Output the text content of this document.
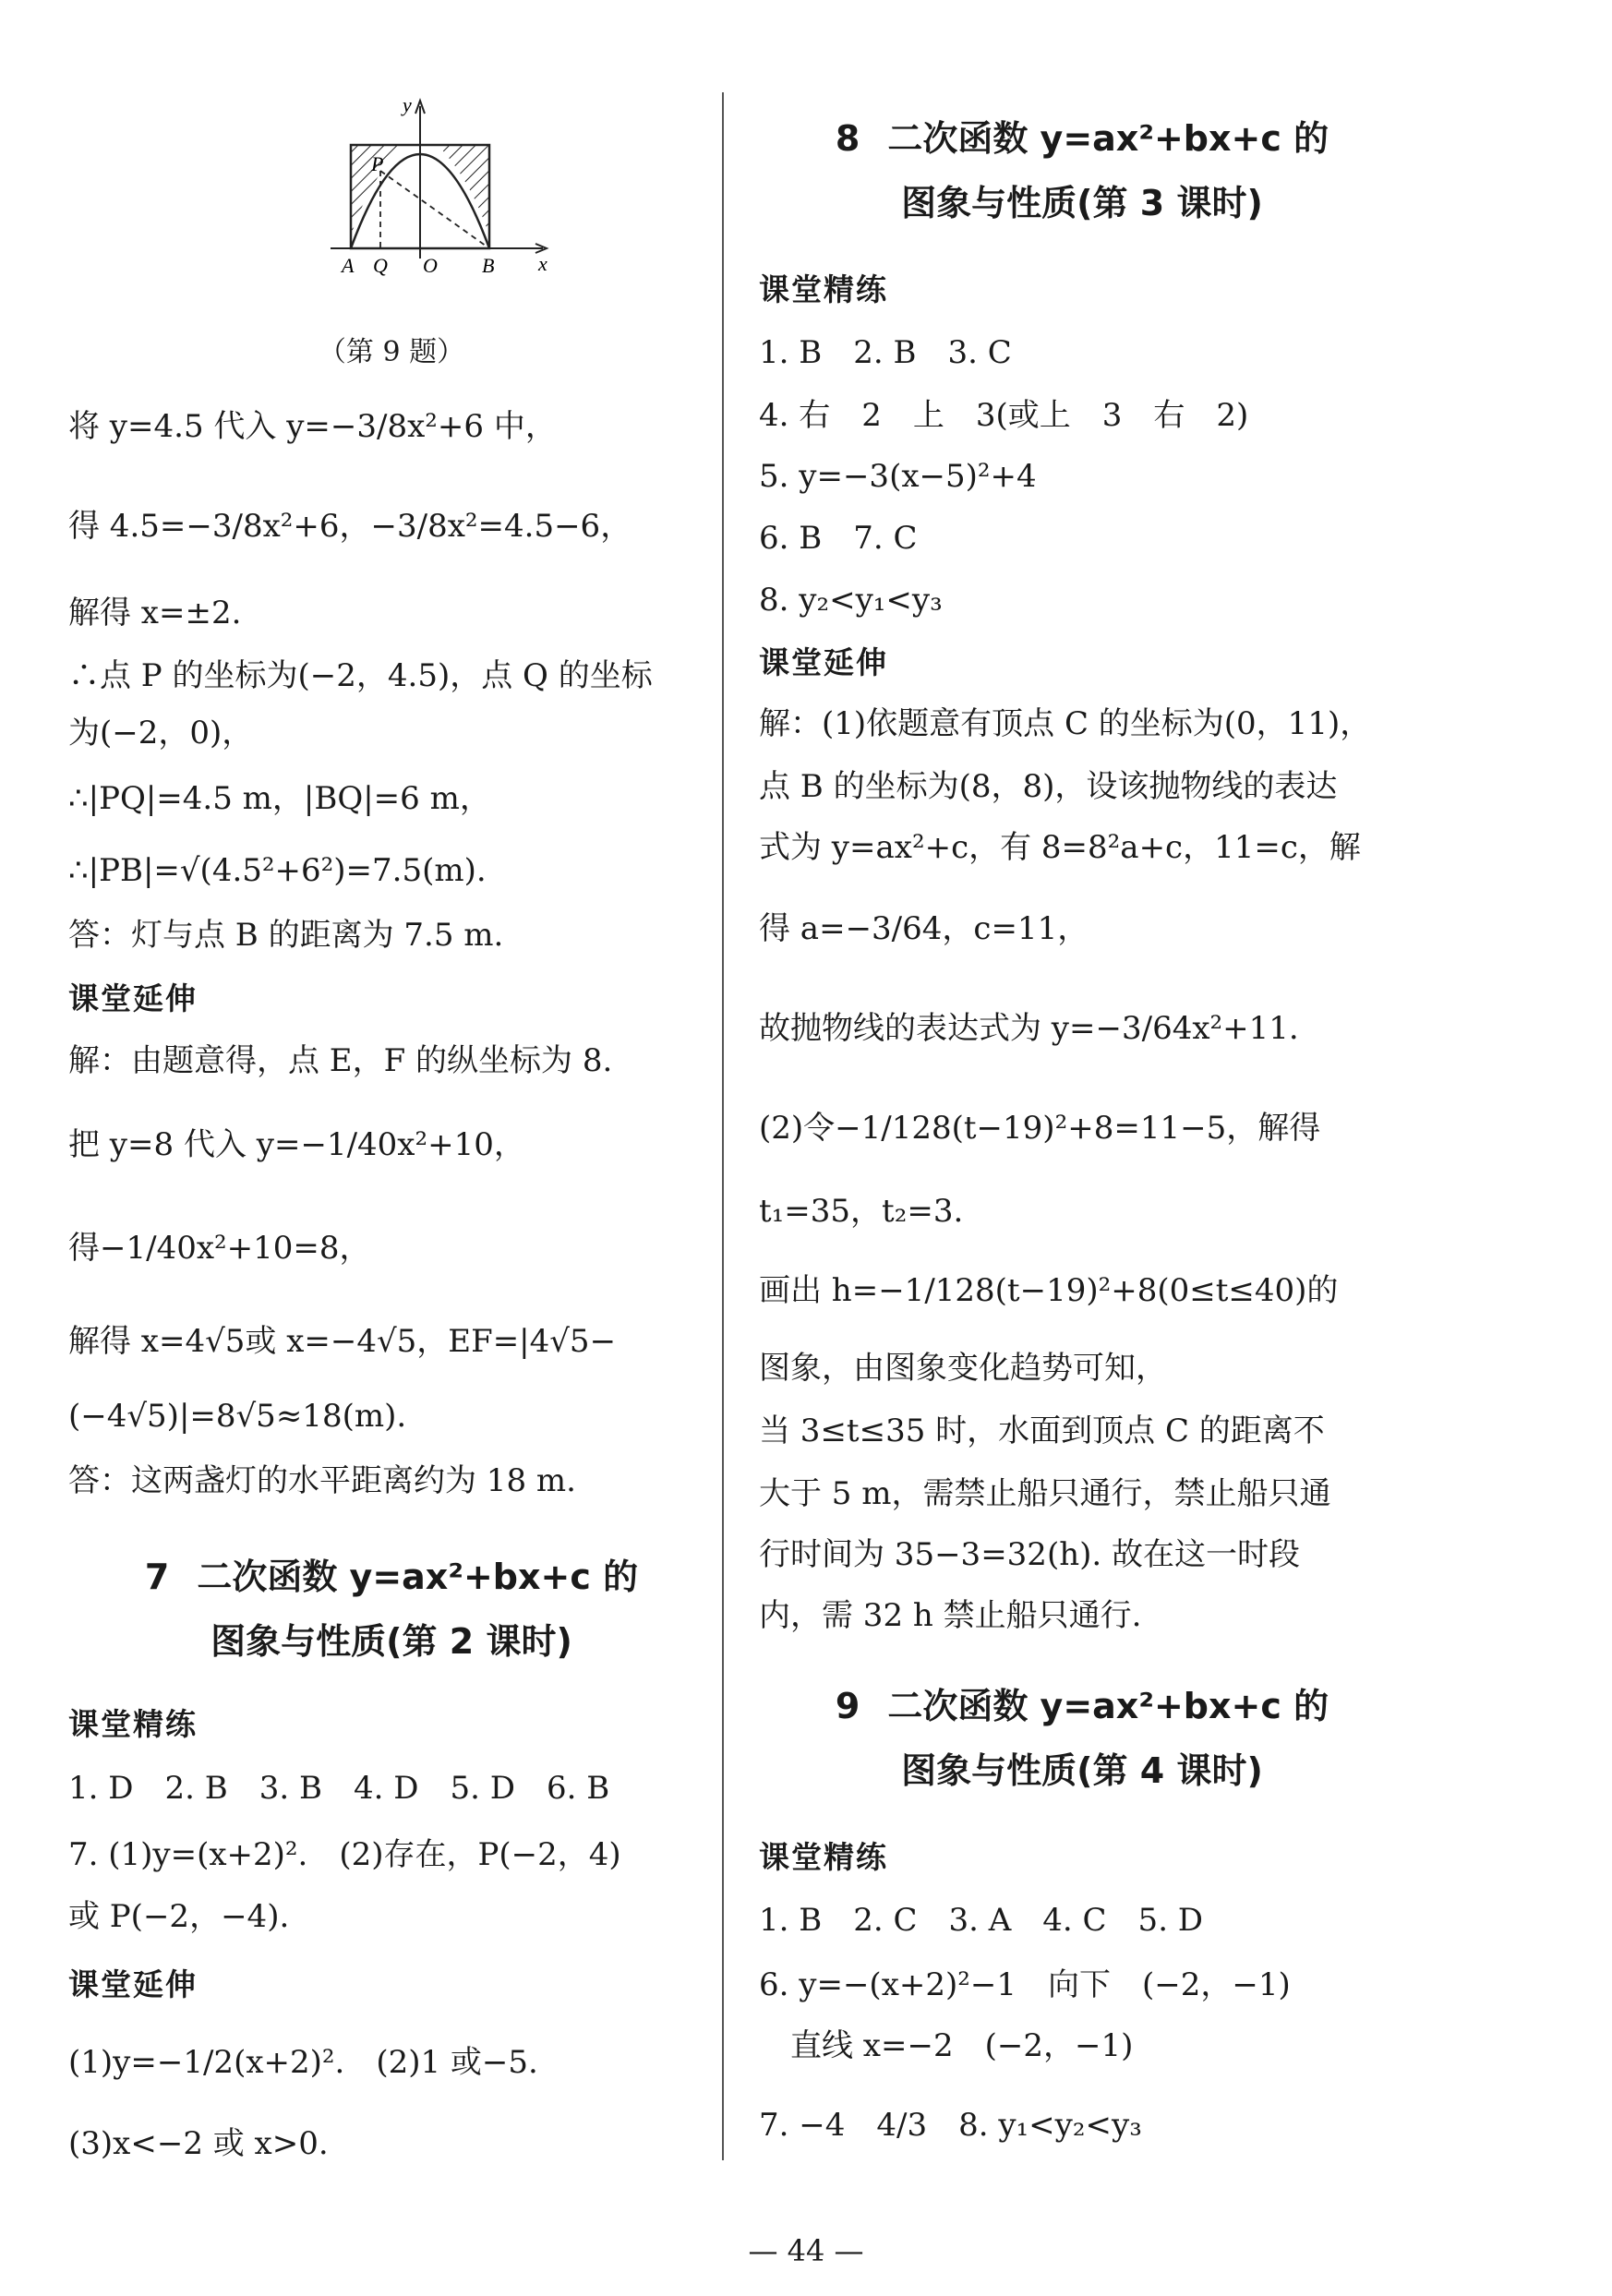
y
x
P
A Q O B
（第 9 题）
将 y=4.5 代入 y=−3/8x²+6 中，
得 4.5=−3/8x²+6，−3/8x²=4.5−6，
解得 x=±2.
∴点 P 的坐标为(−2，4.5)，点 Q 的坐标
为(−2，0)，
∴|PQ|=4.5 m，|BQ|=6 m，
∴|PB|=√(4.5²+6²)=7.5(m).
答：灯与点 B 的距离为 7.5 m.
课堂延伸
解：由题意得，点 E，F 的纵坐标为 8.
把 y=8 代入 y=−1/40x²+10，
得−1/40x²+10=8，
解得 x=4√5或 x=−4√5，EF=|4√5−
(−4√5)|=8√5≈18(m).
答：这两盏灯的水平距离约为 18 m.
7 二次函数 y=ax²+bx+c 的
图象与性质(第 2 课时)
课堂精练
1. D　2. B　3. B　4. D　5. D　6. B
7. (1)y=(x+2)².　(2)存在，P(−2，4)
或 P(−2，−4).
课堂延伸
(1)y=−1/2(x+2)².　(2)1 或−5.
(3)x<−2 或 x>0.
8 二次函数 y=ax²+bx+c 的
图象与性质(第 3 课时)
课堂精练
1. B　2. B　3. C
4. 右　2　上　3(或上　3　右　2)
5. y=−3(x−5)²+4
6. B　7. C
8. y₂<y₁<y₃
课堂延伸
解：(1)依题意有顶点 C 的坐标为(0，11)，
点 B 的坐标为(8，8)，设该抛物线的表达
式为 y=ax²+c，有 8=8²a+c，11=c，解
得 a=−3/64，c=11，
故抛物线的表达式为 y=−3/64x²+11.
(2)令−1/128(t−19)²+8=11−5，解得
t₁=35，t₂=3.
画出 h=−1/128(t−19)²+8(0≤t≤40)的
图象，由图象变化趋势可知，
当 3≤t≤35 时，水面到顶点 C 的距离不
大于 5 m，需禁止船只通行，禁止船只通
行时间为 35−3=32(h). 故在这一时段
内，需 32 h 禁止船只通行.
9 二次函数 y=ax²+bx+c 的
图象与性质(第 4 课时)
课堂精练
1. B　2. C　3. A　4. C　5. D
6. y=−(x+2)²−1　向下　(−2，−1)
　直线 x=−2　(−2，−1)
7. −4　4/3　8. y₁<y₂<y₃
— 44 —
